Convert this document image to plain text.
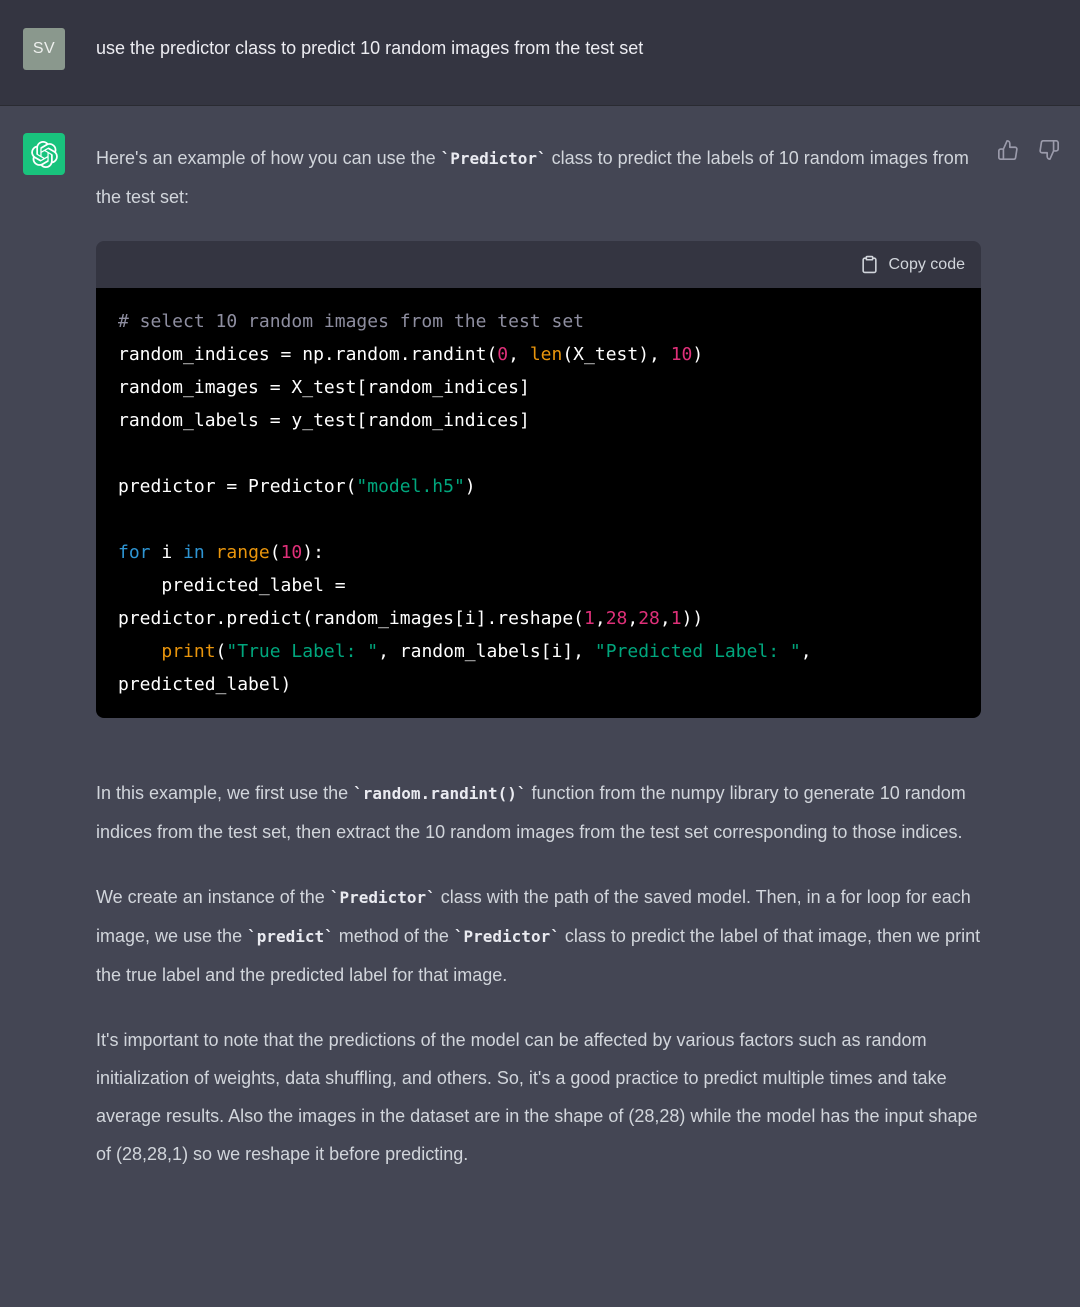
SV	use the predictor class to predict 10 random images from the test set

Here's an example of how you can use the `Predictor` class to predict the labels of 10 random images from the test set:

Copy code
# select 10 random images from the test set
random_indices = np.random.randint(0, len(X_test), 10)
random_images = X_test[random_indices]
random_labels = y_test[random_indices]

predictor = Predictor("model.h5")

for i in range(10):
predicted_label =
predictor.predict(random_images[i].reshape(1,28,28,1))
print("True Label: ", random_labels[i], "Predicted Label: ",
predicted_label)

In this example, we first use the `random.randint()` function from the numpy library to generate 10 random indices from the test set, then extract the 10 random images from the test set corresponding to those indices.

We create an instance of the `Predictor` class with the path of the saved model. Then, in a for loop for each image, we use the `predict` method of the `Predictor` class to predict the label of that image, then we print the true label and the predicted label for that image.

It's important to note that the predictions of the model can be affected by various factors such as random initialization of weights, data shuffling, and others. So, it's a good practice to predict multiple times and take average results. Also the images in the dataset are in the shape of (28,28) while the model has the input shape of (28,28,1) so we reshape it before predicting.
